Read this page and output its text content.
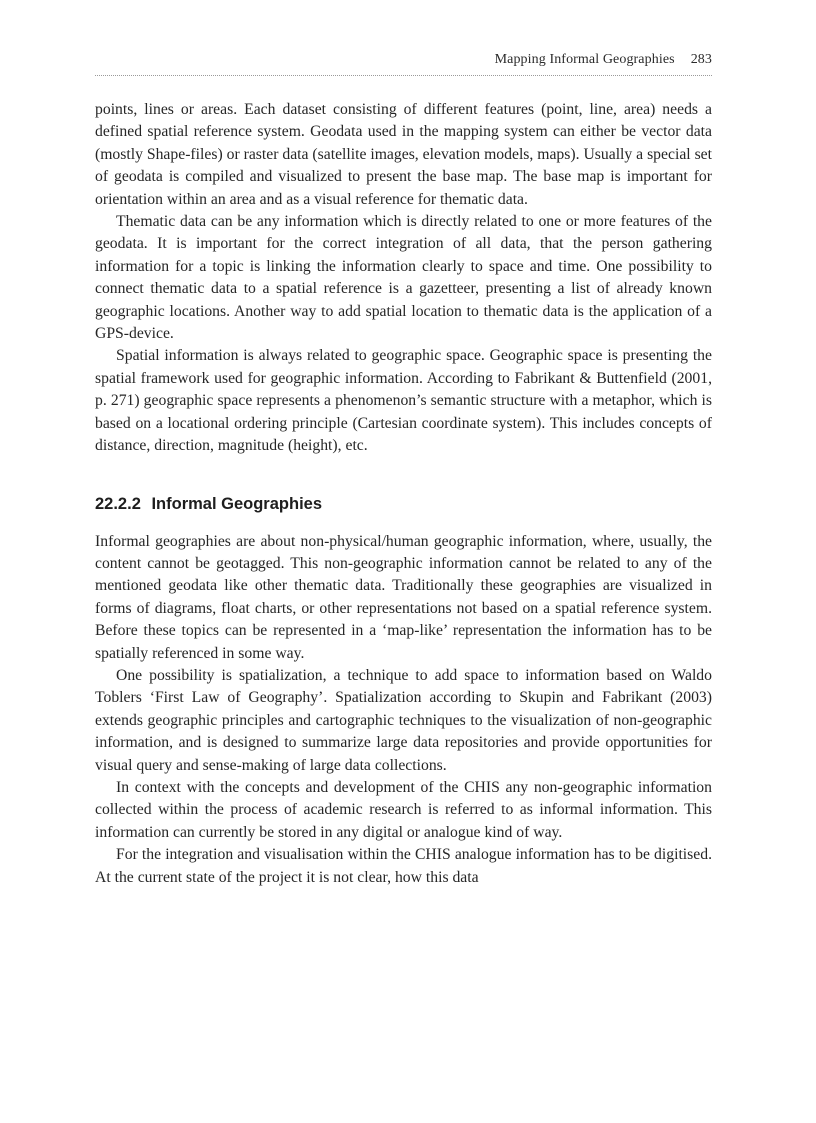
Mapping Informal Geographies 283

points, lines or areas. Each dataset consisting of different features (point, line, area) needs a defined spatial reference system. Geodata used in the mapping system can either be vector data (mostly Shape-files) or raster data (satellite images, elevation models, maps). Usually a special set of geodata is compiled and visualized to present the base map. The base map is important for orientation within an area and as a visual reference for thematic data.

Thematic data can be any information which is directly related to one or more features of the geodata. It is important for the correct integration of all data, that the person gathering information for a topic is linking the information clearly to space and time. One possibility to connect thematic data to a spatial reference is a gazetteer, presenting a list of already known geographic locations. Another way to add spatial location to thematic data is the application of a GPS-device.

Spatial information is always related to geographic space. Geographic space is presenting the spatial framework used for geographic information. According to Fabrikant & Buttenfield (2001, p. 271) geographic space represents a phenomenon’s semantic structure with a metaphor, which is based on a locational ordering principle (Cartesian coordinate system). This includes concepts of distance, direction, magnitude (height), etc.

22.2.2 Informal Geographies

Informal geographies are about non-physical/human geographic information, where, usually, the content cannot be geotagged. This non-geographic information cannot be related to any of the mentioned geodata like other thematic data. Traditionally these geographies are visualized in forms of diagrams, float charts, or other representations not based on a spatial reference system. Before these topics can be represented in a ‘map-like’ representation the information has to be spatially referenced in some way.

One possibility is spatialization, a technique to add space to information based on Waldo Toblers ‘First Law of Geography’. Spatialization according to Skupin and Fabrikant (2003) extends geographic principles and cartographic techniques to the visualization of non-geographic information, and is designed to summarize large data repositories and provide opportunities for visual query and sense-making of large data collections.

In context with the concepts and development of the CHIS any non-geographic information collected within the process of academic research is referred to as informal information. This information can currently be stored in any digital or analogue kind of way.

For the integration and visualisation within the CHIS analogue information has to be digitised. At the current state of the project it is not clear, how this data
